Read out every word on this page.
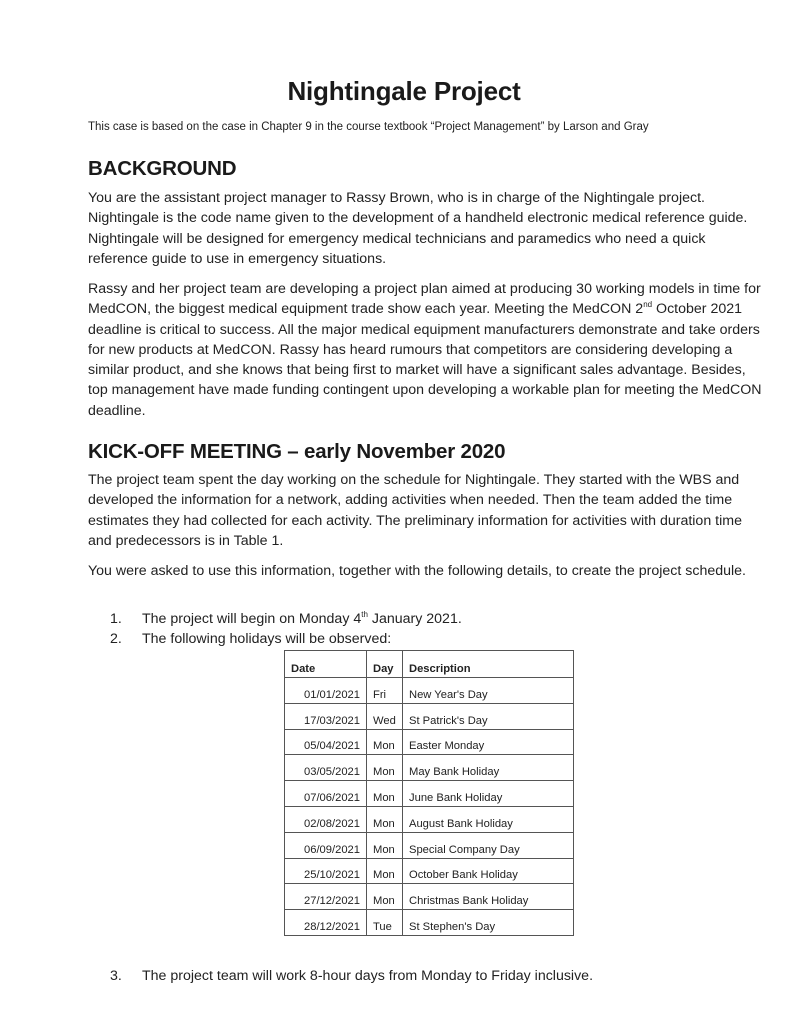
Nightingale Project
This case is based on the case in Chapter 9 in the course textbook “Project Management” by Larson and Gray
BACKGROUND

You are the assistant project manager to Rassy Brown, who is in charge of the Nightingale project. Nightingale is the code name given to the development of a handheld electronic medical reference guide. Nightingale will be designed for emergency medical technicians and paramedics who need a quick reference guide to use in emergency situations.

Rassy and her project team are developing a project plan aimed at producing 30 working models in time for MedCON, the biggest medical equipment trade show each year. Meeting the MedCON 2nd October 2021 deadline is critical to success. All the major medical equipment manufacturers demonstrate and take orders for new products at MedCON. Rassy has heard rumours that competitors are considering developing a similar product, and she knows that being first to market will have a significant sales advantage. Besides, top management have made funding contingent upon developing a workable plan for meeting the MedCON deadline.

KICK-OFF MEETING – early November 2020

The project team spent the day working on the schedule for Nightingale. They started with the WBS and developed the information for a network, adding activities when needed. Then the team added the time estimates they had collected for each activity. The preliminary information for activities with duration time and predecessors is in Table 1.

You were asked to use this information, together with the following details, to create the project schedule.

1. The project will begin on Monday 4th January 2021.
2. The following holidays will be observed:
Date	Day	Description
01/01/2021	Fri	New Year's Day
17/03/2021	Wed	St Patrick's Day
05/04/2021	Mon	Easter Monday
03/05/2021	Mon	May Bank Holiday
07/06/2021	Mon	June Bank Holiday
02/08/2021	Mon	August Bank Holiday
06/09/2021	Mon	Special Company Day
25/10/2021	Mon	October Bank Holiday
27/12/2021	Mon	Christmas Bank Holiday
28/12/2021	Tue	St Stephen's Day
3. The project team will work 8-hour days from Monday to Friday inclusive.
